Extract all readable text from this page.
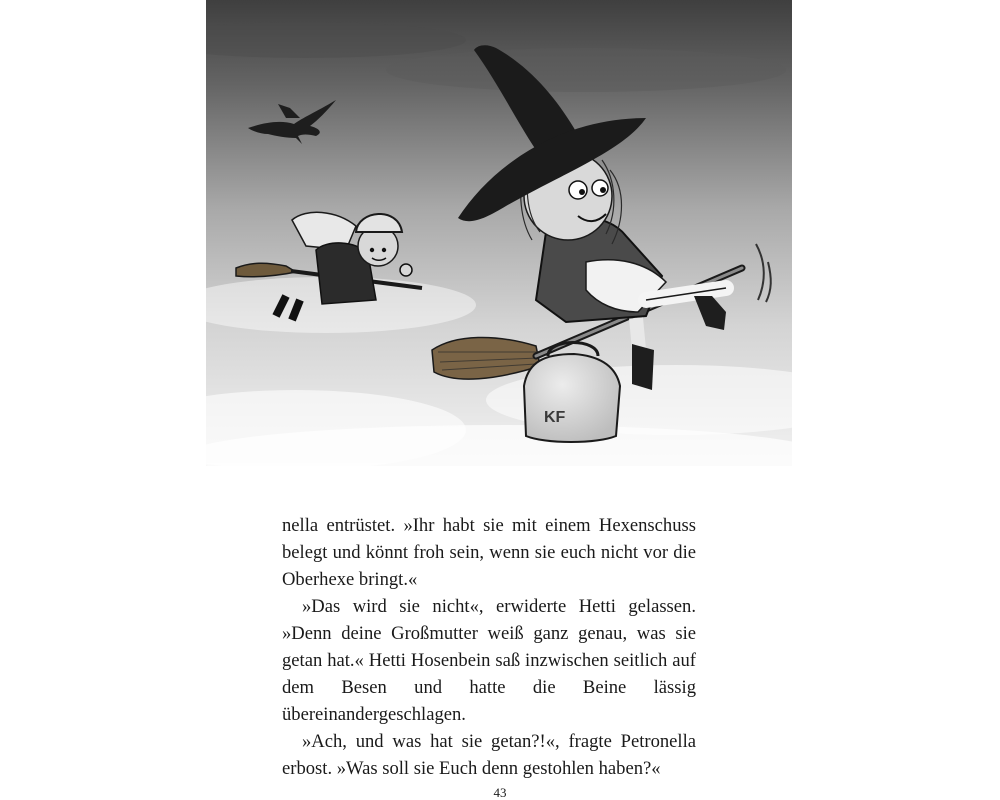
KF

nella entrüstet. »Ihr habt sie mit einem Hexenschuss belegt und könnt froh sein, wenn sie euch nicht vor die Oberhexe bringt.«

»Das wird sie nicht«, erwiderte Hetti gelassen. »Denn deine Großmutter weiß ganz genau, was sie getan hat.« Hetti Hosenbein saß inzwischen seitlich auf dem Besen und hatte die Beine lässig übereinandergeschlagen.

»Ach, und was hat sie getan?!«, fragte Petronella erbost. »Was soll sie Euch denn gestohlen haben?«

43
